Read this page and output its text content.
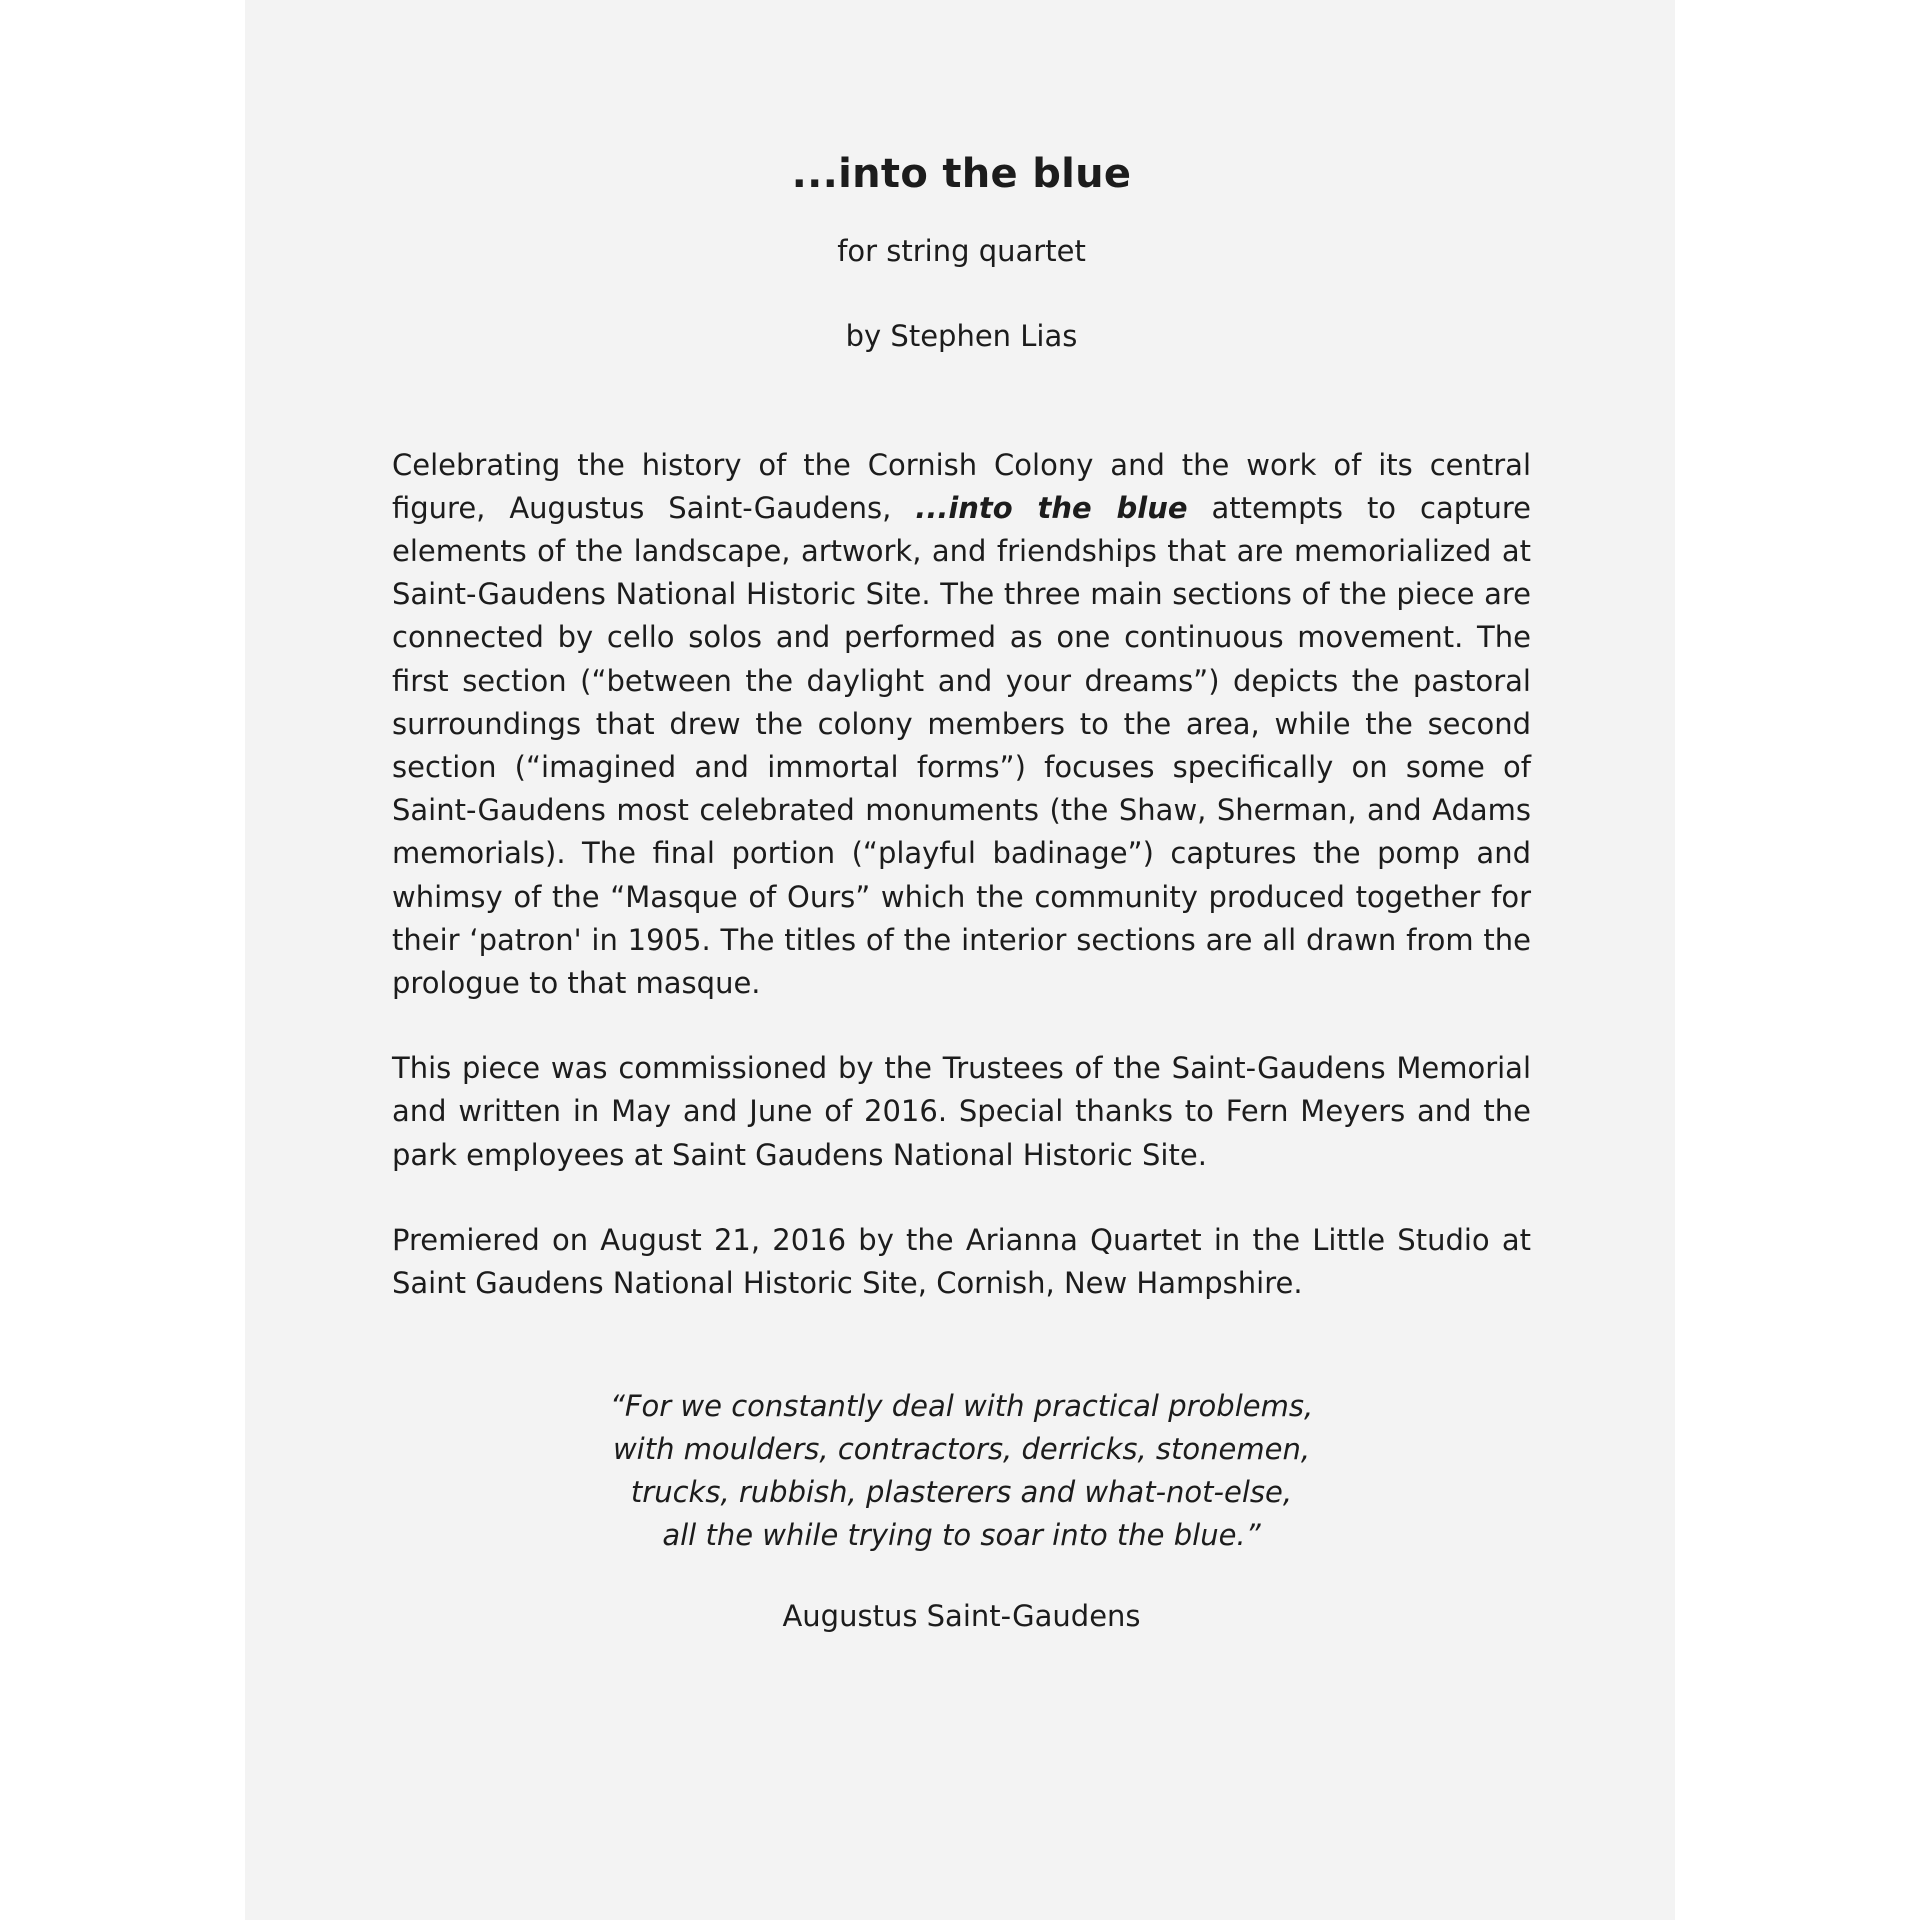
...into the blue
for string quartet
by Stephen Lias

Celebrating the history of the Cornish Colony and the work of its central figure, Augustus Saint-Gaudens, ...into the blue attempts to capture elements of the landscape, artwork, and friendships that are memorialized at Saint-Gaudens National Historic Site. The three main sections of the piece are connected by cello solos and performed as one continuous movement. The first section (“between the daylight and your dreams”) depicts the pastoral surroundings that drew the colony members to the area, while the second section (“imagined and immortal forms”) focuses specifically on some of Saint-Gaudens most celebrated monuments (the Shaw, Sherman, and Adams memorials). The final portion (“playful badinage”) captures the pomp and whimsy of the “Masque of Ours” which the community produced together for their ‘patron' in 1905. The titles of the interior sections are all drawn from the prologue to that masque.

This piece was commissioned by the Trustees of the Saint-Gaudens Memorial and written in May and June of 2016. Special thanks to Fern Meyers and the park employees at Saint Gaudens National Historic Site.

Premiered on August 21, 2016 by the Arianna Quartet in the Little Studio at Saint Gaudens National Historic Site, Cornish, New Hampshire.

“For we constantly deal with practical problems,
with moulders, contractors, derricks, stonemen,
trucks, rubbish, plasterers and what-not-else,
all the while trying to soar into the blue.”
Augustus Saint-Gaudens
